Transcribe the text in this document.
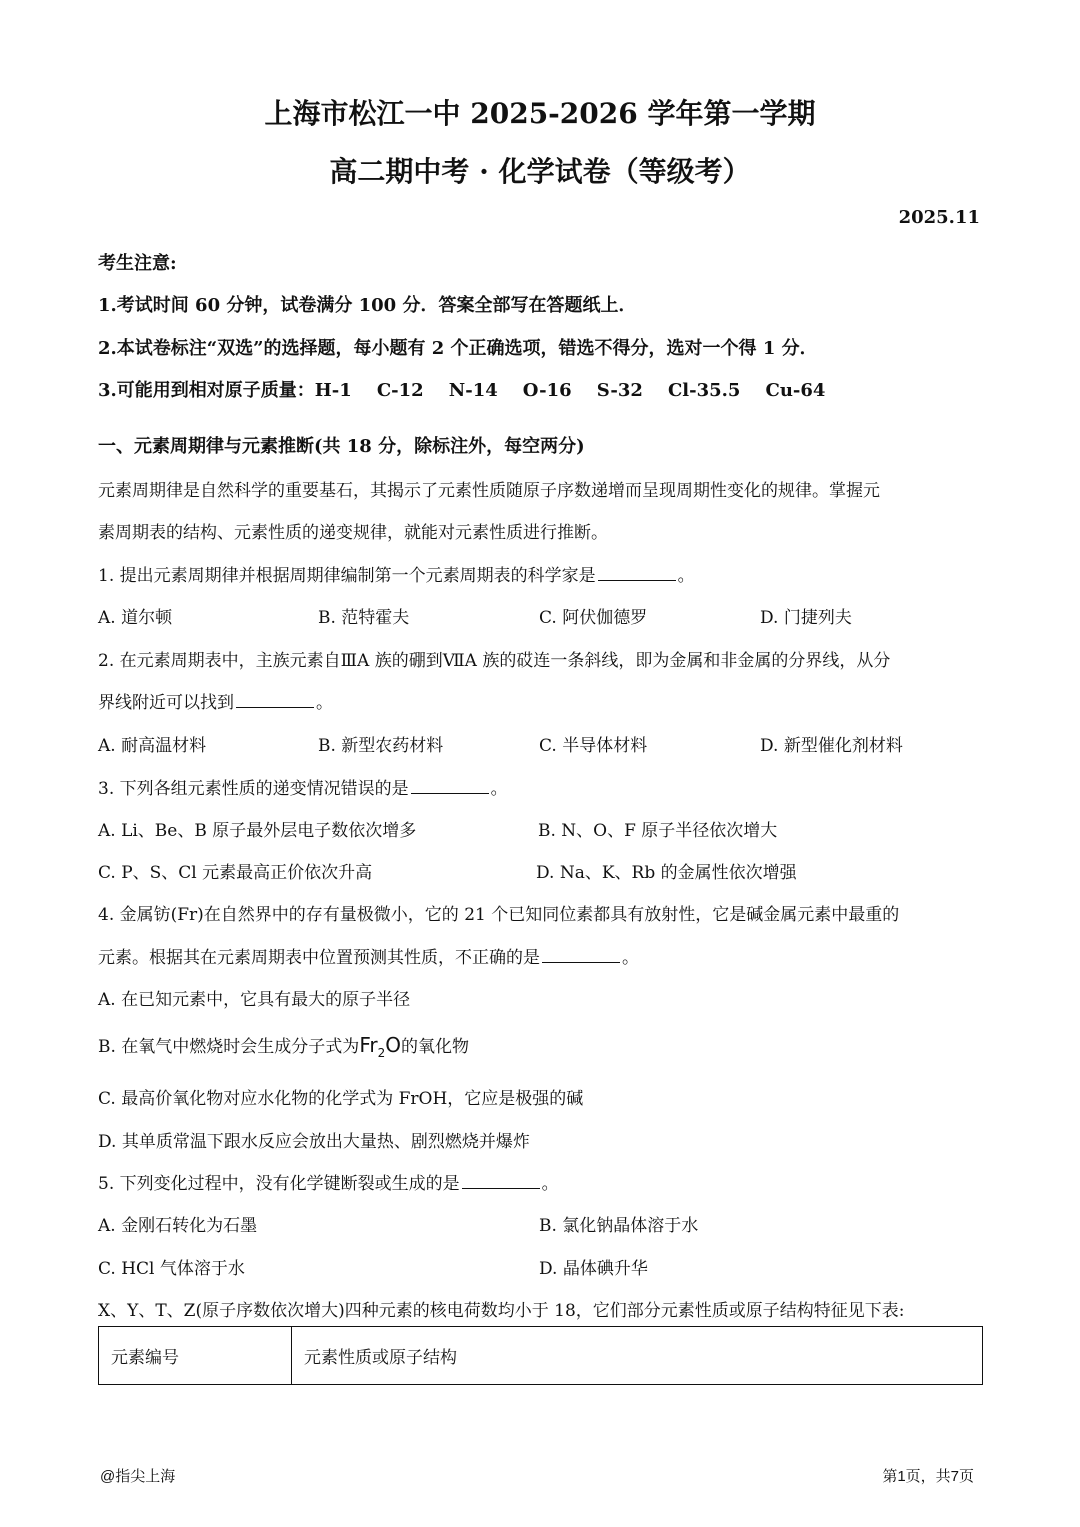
上海市松江一中 2025-2026 学年第一学期
高二期中考 · 化学试卷（等级考）
2025.11
考生注意:
1.考试时间 60 分钟，试卷满分 100 分．答案全部写在答题纸上．
2.本试卷标注“双选”的选择题，每小题有 2 个正确选项，错选不得分，选对一个得 1 分．
3.可能用到相对原子质量：H-1    C-12    N-14    O-16    S-32    Cl-35.5    Cu-64
一、元素周期律与元素推断(共 18 分，除标注外，每空两分)
元素周期律是自然科学的重要基石，其揭示了元素性质随原子序数递增而呈现周期性变化的规律。掌握元
素周期表的结构、元素性质的递变规律，就能对元素性质进行推断。
1. 提出元素周期律并根据周期律编制第一个元素周期表的科学家是	。
A. 道尔顿	B. 范特霍夫	C. 阿伏伽德罗	D. 门捷列夫
2. 在元素周期表中，主族元素自ⅢA 族的硼到ⅦA 族的砹连一条斜线，即为金属和非金属的分界线，从分
界线附近可以找到	。
A. 耐高温材料	B. 新型农药材料	C. 半导体材料	D. 新型催化剂材料
3. 下列各组元素性质的递变情况错误的是	。
A. Li、Be、B 原子最外层电子数依次增多	B. N、O、F 原子半径依次增大
C. P、S、Cl 元素最高正价依次升高	D. Na、K、Rb 的金属性依次增强
4. 金属钫(Fr)在自然界中的存有量极微小，它的 21 个已知同位素都具有放射性，它是碱金属元素中最重的
元素。根据其在元素周期表中位置预测其性质，不正确的是	。
A. 在已知元素中，它具有最大的原子半径
B. 在氧气中燃烧时会生成分子式为$Fr_2O$的氧化物
C. 最高价氧化物对应水化物的化学式为 FrOH，它应是极强的碱
D. 其单质常温下跟水反应会放出大量热、剧烈燃烧并爆炸
5. 下列变化过程中，没有化学键断裂或生成的是	。
A. 金刚石转化为石墨	B. 氯化钠晶体溶于水
C. HCl 气体溶于水	D. 晶体碘升华
X、Y、T、Z(原子序数依次增大)四种元素的核电荷数均小于 18，它们部分元素性质或原子结构特征见下表:
元素编号	元素性质或原子结构
@指尖上海	第1页，共7页
